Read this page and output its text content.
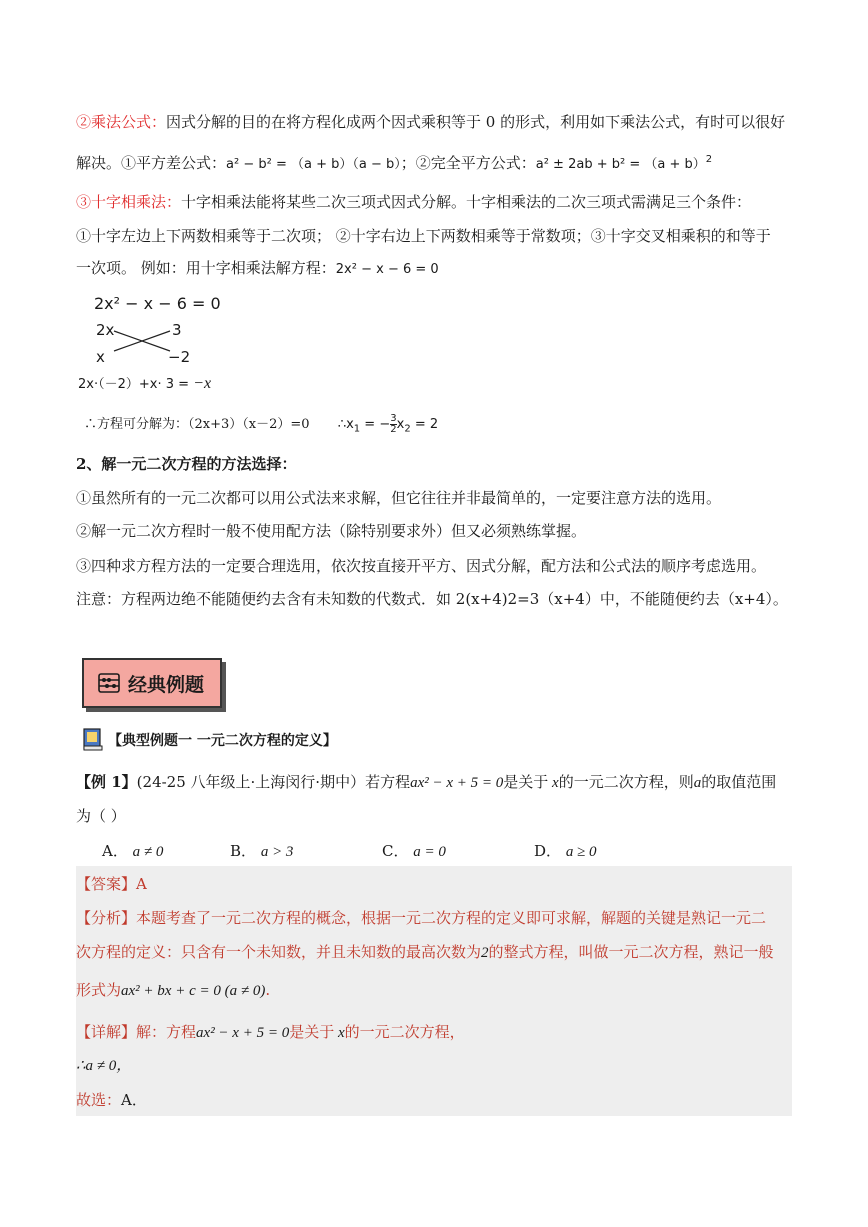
②乘法公式：因式分解的目的在将方程化成两个因式乘积等于 0 的形式，利用如下乘法公式，有时可以很好
解决。①平方差公式：a² − b² = （a + b）（a − b）；②完全平方公式：$a^2 \pm 2ab + b^2 = (a + b)^2$
③十字相乘法：十字相乘法能将某些二次三项式因式分解。十字相乘法的二次三项式需满足三个条件：
①十字左边上下两数相乘等于二次项； ②十字右边上下两数相乘等于常数项；③十字交叉相乘积的和等于
一次项。 例如：用十字相乘法解方程：2x² − x − 6 = 0
2x² − x − 6 = 0
2x	3
x	−2
2x·（－2）+x· 3 = −x
∴方程可分解为：（2x+3）（x－2）=0 $\therefore x_1$ = − $\frac{3}{2} x_2 = 2$
2、解一元二次方程的方法选择：
①虽然所有的一元二次都可以用公式法来求解，但它往往并非最简单的，一定要注意方法的选用。
②解一元二次方程时一般不使用配方法（除特别要求外）但又必须熟练掌握。
③四种求方程方法的一定要合理选用，依次按直接开平方、因式分解，配方法和公式法的顺序考虑选用。
注意：方程两边绝不能随便约去含有未知数的代数式．如 2(x+4)2=3（x+4）中，不能随便约去（x+4）。
经典例题
【典型例题一 一元二次方程的定义】
【例 1】(24-25 八年级上·上海闵行·期中）若方程ax² − x + 5 = 0是关于 x的一元二次方程，则a的取值范围
为（ ）
A． a ≠ 0	B． a > 3	C． a = 0	D． a ≥ 0
【答案】A
【分析】本题考查了一元二次方程的概念，根据一元二次方程的定义即可求解，解题的关键是熟记一元二
次方程的定义：只含有一个未知数，并且未知数的最高次数为2的整式方程，叫做一元二次方程，熟记一般
形式为ax² + bx + c = 0 (a ≠ 0).
【详解】解：方程ax² − x + 5 = 0是关于 x的一元二次方程，
∴a ≠ 0，
故选：A．
